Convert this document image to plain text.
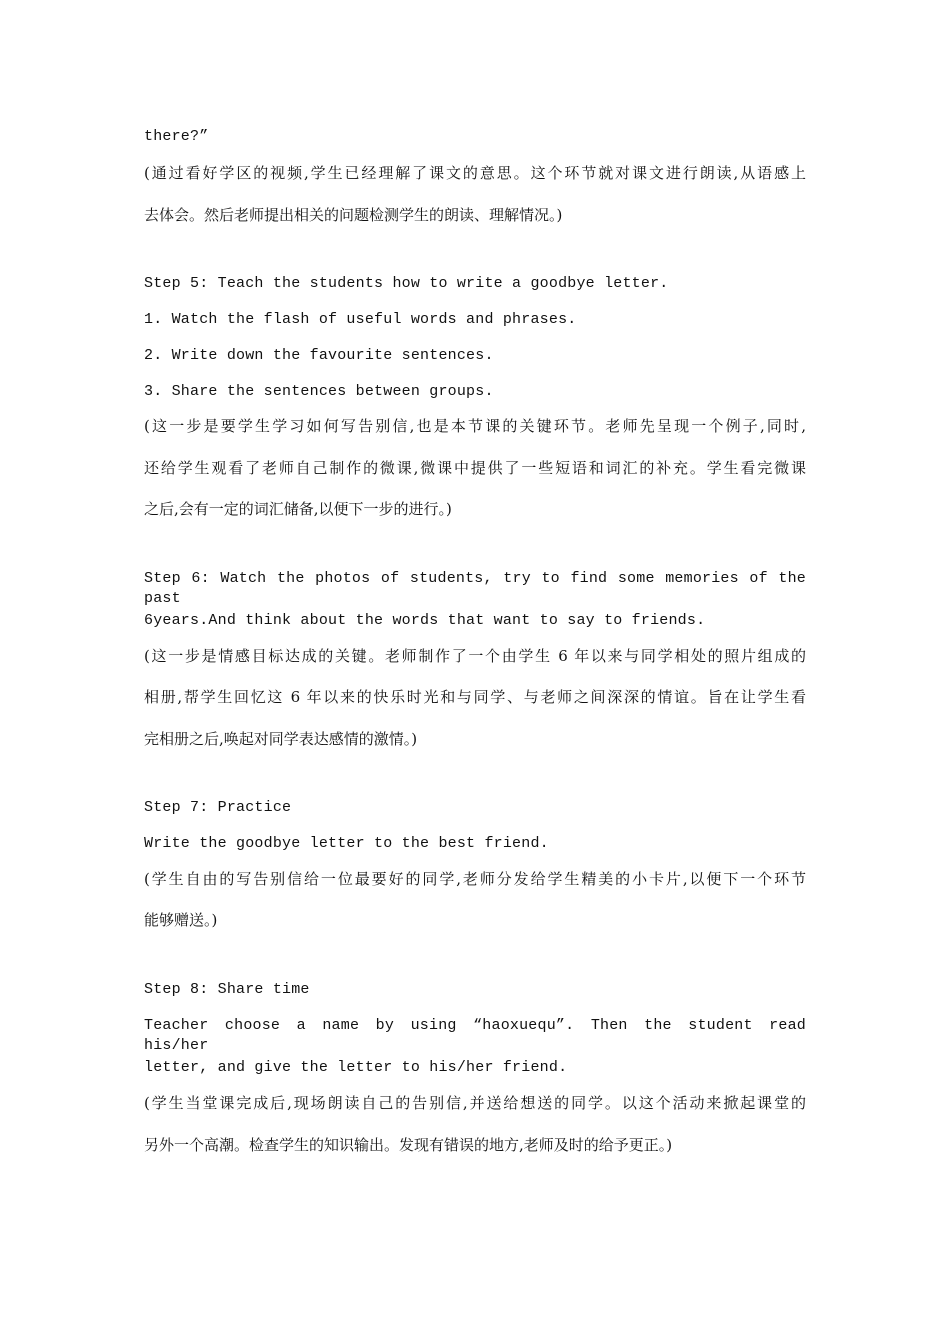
there?”
(通过看好学区的视频,学生已经理解了课文的意思。这个环节就对课文进行朗读,从语感上
去体会。然后老师提出相关的问题检测学生的朗读、理解情况。)
Step 5: Teach the students how to write a goodbye letter.
1. Watch the flash of useful words and phrases.
2. Write down the favourite sentences.
3. Share the sentences between groups.
(这一步是要学生学习如何写告别信,也是本节课的关键环节。老师先呈现一个例子,同时,
还给学生观看了老师自己制作的微课,微课中提供了一些短语和词汇的补充。学生看完微课
之后,会有一定的词汇储备,以便下一步的进行。)
Step 6: Watch the photos of students, try to find some memories of the past
6years.And think about the words that want to say to friends.
(这一步是情感目标达成的关键。老师制作了一个由学生 6 年以来与同学相处的照片组成的
相册,帮学生回忆这 6 年以来的快乐时光和与同学、与老师之间深深的情谊。旨在让学生看
完相册之后,唤起对同学表达感情的激情。)
Step 7: Practice
Write the goodbye letter to the best friend.
(学生自由的写告别信给一位最要好的同学,老师分发给学生精美的小卡片,以便下一个环节
能够赠送。)
Step 8: Share time
Teacher choose a name by using “haoxuequ”. Then the student read his/her
letter, and give the letter to his/her friend.
(学生当堂课完成后,现场朗读自己的告别信,并送给想送的同学。以这个活动来掀起课堂的
另外一个高潮。检查学生的知识输出。发现有错误的地方,老师及时的给予更正。)
